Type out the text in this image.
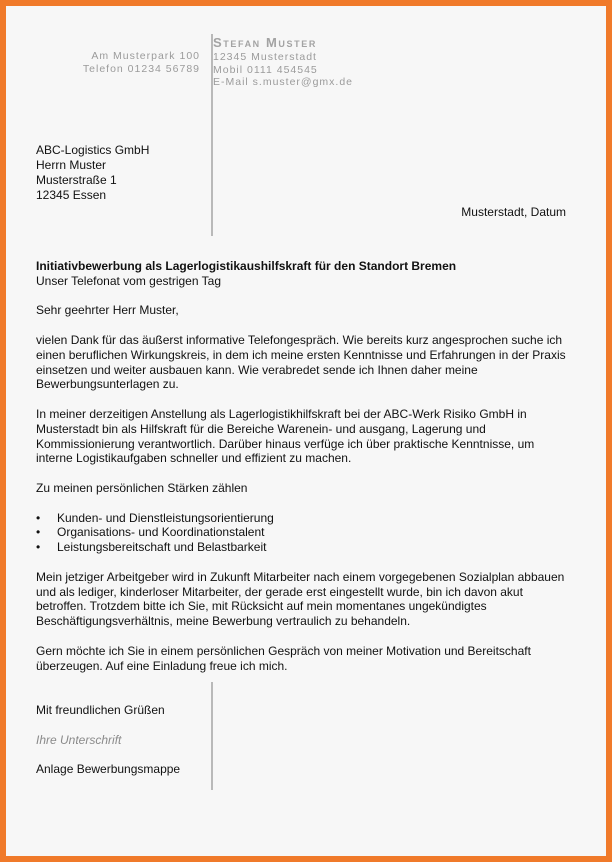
Am Musterpark 100
Telefon 01234 56789
Stefan Muster
12345 Musterstadt
Mobil 0111 454545
E-Mail s.muster@gmx.de
ABC-Logistics GmbH
Herrn Muster
Musterstraße 1
12345 Essen
Musterstadt, Datum

Initiativbewerbung als Lagerlogistikaushilfskraft für den Standort Bremen

Unser Telefonat vom gestrigen Tag

Sehr geehrter Herr Muster,

vielen Dank für das äußerst informative Telefongespräch. Wie bereits kurz angesprochen suche ich einen beruflichen Wirkungskreis, in dem ich meine ersten Kenntnisse und Erfahrungen in der Praxis einsetzen und weiter ausbauen kann. Wie verabredet sende ich Ihnen daher meine Bewerbungsunterlagen zu.

In meiner derzeitigen Anstellung als Lagerlogistikhilfskraft bei der ABC-Werk Risiko GmbH in Musterstadt bin als Hilfskraft für die Bereiche Warenein- und ausgang, Lagerung und Kommissionierung verantwortlich. Darüber hinaus verfüge ich über praktische Kenntnisse, um interne Logistikaufgaben schneller und effizient zu machen.

Zu meinen persönlichen Stärken zählen

• Kunden- und Dienstleistungsorientierung
• Organisations- und Koordinationstalent
• Leistungsbereitschaft und Belastbarkeit

Mein jetziger Arbeitgeber wird in Zukunft Mitarbeiter nach einem vorgegebenen Sozialplan abbauen und als lediger, kinderloser Mitarbeiter, der gerade erst eingestellt wurde, bin ich davon akut betroffen. Trotzdem bitte ich Sie, mit Rücksicht auf mein momentanes ungekündigtes Beschäftigungsverhältnis, meine Bewerbung vertraulich zu behandeln.

Gern möchte ich Sie in einem persönlichen Gespräch von meiner Motivation und Bereitschaft überzeugen. Auf eine Einladung freue ich mich.

Mit freundlichen Grüßen

Ihre Unterschrift

Anlage Bewerbungsmappe
